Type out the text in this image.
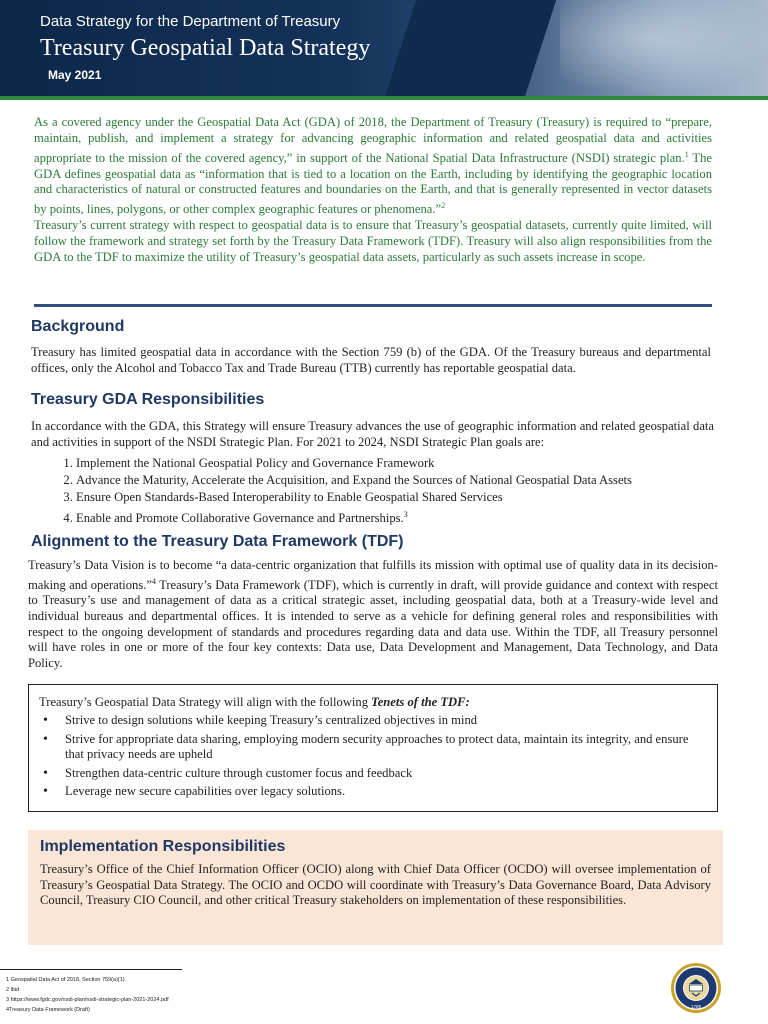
Data Strategy for the Department of Treasury
Treasury Geospatial Data Strategy
May 2021

As a covered agency under the Geospatial Data Act (GDA) of 2018, the Department of Treasury (Treasury) is required to “prepare, maintain, publish, and implement a strategy for advancing geographic information and related geospatial data and activities appropriate to the mission of the covered agency,” in support of the National Spatial Data Infrastructure (NSDI) strategic plan.$^1$ The GDA defines geospatial data as “information that is tied to a location on the Earth, including by identifying the geographic location and characteristics of natural or constructed features and boundaries on the Earth, and that is generally represented in vector datasets by points, lines, polygons, or other complex geographic features or phenomena.”$^2$

Treasury’s current strategy with respect to geospatial data is to ensure that Treasury’s geospatial datasets, currently quite limited, will follow the framework and strategy set forth by the Treasury Data Framework (TDF). Treasury will also align responsibilities from the GDA to the TDF to maximize the utility of Treasury’s geospatial data assets, particularly as such assets increase in scope.

Background

Treasury has limited geospatial data in accordance with the Section 759 (b) of the GDA. Of the Treasury bureaus and departmental offices, only the Alcohol and Tobacco Tax and Trade Bureau (TTB) currently has reportable geospatial data.

Treasury GDA Responsibilities

In accordance with the GDA, this Strategy will ensure Treasury advances the use of geographic information and related geospatial data and activities in support of the NSDI Strategic Plan. For 2021 to 2024, NSDI Strategic Plan goals are:

1. Implement the National Geospatial Policy and Governance Framework
2. Advance the Maturity, Accelerate the Acquisition, and Expand the Sources of National Geospatial Data Assets
3. Ensure Open Standards-Based Interoperability to Enable Geospatial Shared Services
4. Enable and Promote Collaborative Governance and Partnerships.$^3$
Alignment to the Treasury Data Framework (TDF)

Treasury’s Data Vision is to become “a data-centric organization that fulfills its mission with optimal use of quality data in its decision-making and operations.”$^4$ Treasury’s Data Framework (TDF), which is currently in draft, will provide guidance and context with respect to Treasury’s use and management of data as a critical strategic asset, including geospatial data, both at a Treasury-wide level and individual bureaus and departmental offices. It is intended to serve as a vehicle for defining general roles and responsibilities with respect to the ongoing development of standards and procedures regarding data and data use. Within the TDF, all Treasury personnel will have roles in one or more of the four key contexts: Data use, Data Development and Management, Data Technology, and Data Policy.

Treasury’s Geospatial Data Strategy will align with the following Tenets of the TDF:

• Strive to design solutions while keeping Treasury’s centralized objectives in mind
• Strive for appropriate data sharing, employing modern security approaches to protect data, maintain its integrity, and ensure that privacy needs are upheld
• Strengthen data-centric culture through customer focus and feedback
• Leverage new secure capabilities over legacy solutions.
Implementation Responsibilities

Treasury’s Office of the Chief Information Officer (OCIO) along with Chief Data Officer (OCDO) will oversee implementation of Treasury’s Geospatial Data Strategy. The OCIO and OCDO will coordinate with Treasury’s Data Governance Board, Data Advisory Council, Treasury CIO Council, and other critical Treasury stakeholders on implementation of these responsibilities.

1 Geospatial Data Act of 2018, Section 759(a)(1)
2 ibid
3 https://www.fgdc.gov/nsdi-plan/nsdi-strategic-plan-2021-2024.pdf
4Treasury Data Framework (Draft)
1789
